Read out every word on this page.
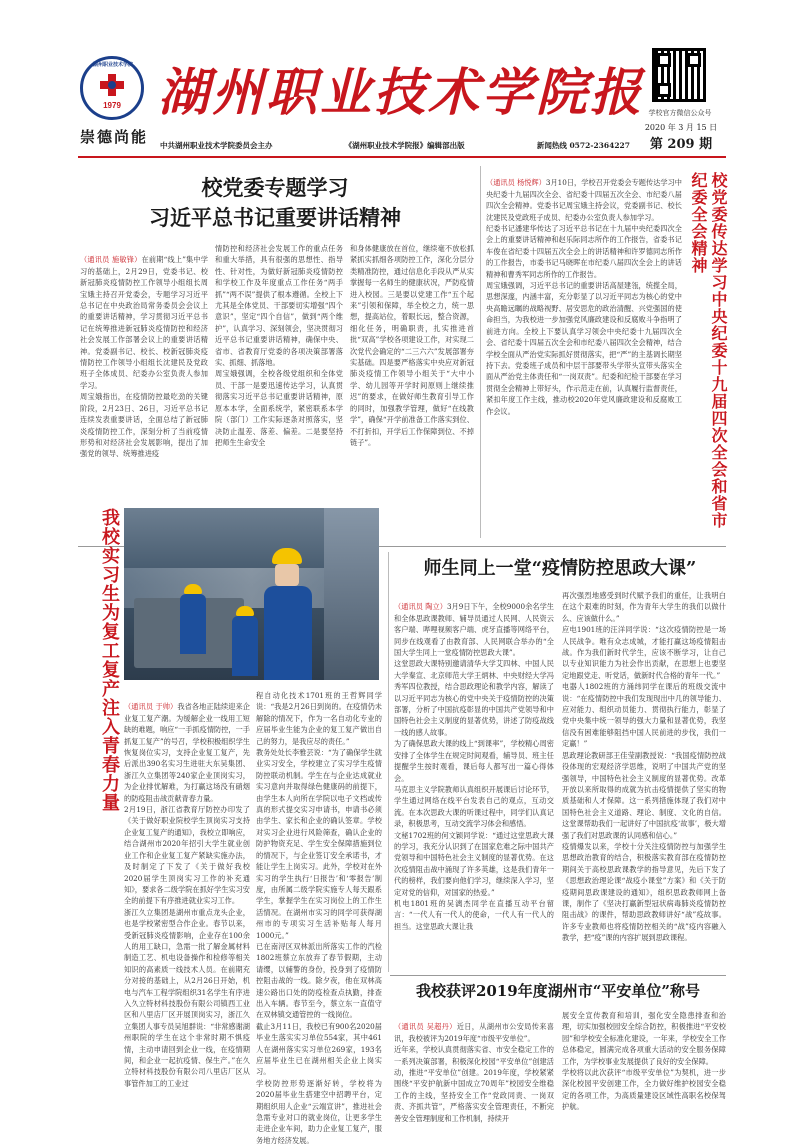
湖州职业技术学院
1979
崇德尚能
湖州职业技术学院报 学校官方微信公众号
2020 年 3 月 15 日
第 209 期
中共湖州职业技术学院委员会主办	《湖州职业技术学院报》编辑部出版	新闻热线 0572-2364227
校党委专题学习
习近平总书记重要讲话精神

（通讯员 施敏锋）在前期“线上”集中学习的基础上，2月29日，党委书记、校新冠肺炎疫情防控工作领导小组组长周宝娥主持召开党委会，专题学习习近平总书记在中央政治局常务委员会会议上的重要讲话精神，学习贯彻习近平总书记在统筹推进新冠肺炎疫情防控和经济社会发展工作部署会议上的重要讲话精神。党委副书记、校长、校新冠肺炎疫情防控工作领导小组组长沈建民及党政班子全体成员、纪委办公室负责人参加学习。
周宝娥指出，在疫情防控最吃劲的关键阶段，2月23日、26日，习近平总书记连续发表重要讲话，全面总结了新冠肺炎疫情防控工作，深刻分析了当前疫情形势和对经济社会发展影响，提出了加强党的领导、统筹推进疫

情防控和经济社会发展工作的重点任务和重大举措，具有很强的思想性、指导性、针对性，为做好新冠肺炎疫情防控和学校工作及年度重点工作任务“两手抓”“两不误”提供了根本遵循。全校上下尤其是全体党员、干部要切实增强“四个意识”，坚定“四个自信”，做到“两个维护”，认真学习、深刻领会，坚决贯彻习近平总书记重要讲话精神，确保中央、省市、省教育厅党委的各项决策部署落实、抓细、抓落地。
周宝娥强调，全校各级党组织和全体党员、干部一是要迅速传达学习，认真贯彻落实习近平总书记重要讲话精神，原原本本学，全面系统学，紧密联系本学院（部门）工作实际逐条对照落实，坚决防止温差、落差、偏差。二是要坚持把师生生命安全
和身体健康放在首位，继续毫不放松抓紧抓实抓细各项防控工作，深化分层分类精准防控，通过信息化手段从严从实掌握每一名师生的健康状况，严防疫情进入校园。三是要以党建工作“五个起来”引领和保障，举全校之力，统一思想，提高站位，着眼长远，整合资源，细化任务，明确职责，扎实推进首批“双高”学校各项建设工作，对实现二次党代会确定的“二三六六”发展部署夯实基础。四是要严格落实中央应对新冠肺炎疫情工作领导小组关于“大中小学、幼儿园等开学时间原则上继续推迟”的要求，在做好师生教育引导工作的同时，加强教学管理，做好“在线教学”，确保“开学前准备工作落实到位、不打折扣，开学后工作保障到位、不掉链子”。

（通讯员 杨悦辉）3月10日，学校召开党委会专题传达学习中央纪委十九届四次全会、省纪委十四届五次全会、市纪委八届四次全会精神。党委书记周宝娥主持会议，党委副书记、校长沈建民及党政班子成员、纪委办公室负责人参加学习。
纪委书记潘建华传达了习近平总书记在十九届中央纪委四次全会上的重要讲话精神和赵乐际同志所作的工作报告，省委书记车俊在省纪委十四届五次全会上的讲话精神和许罗德同志所作的工作报告，市委书记马晓晖在市纪委八届四次全会上的讲话精神和曹秀军同志所作的工作报告。
周宝娥强调，习近平总书记的重要讲话高屋建瓴，统揽全局，思想深邃，内涵丰富，充分彰显了以习近平同志为核心的党中央高瞻远瞩的战略视野、居安思危的政治清醒、兴党强国的使命担当，为我校进一步加强党风廉政建设和反腐败斗争指明了前进方向。全校上下要认真学习领会中央纪委十九届四次全会、省纪委十四届五次全会和市纪委八届四次全会精神，结合学校全面从严治党实际抓好贯彻落实，把“严”的主基调长期坚持下去。党委班子成员和中层干部要带头学带头宣带头落实全面从严治党主体责任和“一岗双责”。纪委和纪检干部要在学习贯彻全会精神上带好头，作示范走在前，认真履行监督责任，紧扣年度工作主线，推动校2020年党风廉政建设和反腐败工作会议。	校党委传达学习中央纪委十九届四次全会和省市纪委全会精神
我校实习生为复工复产注入青春力量 （通讯员 于帅）我省各地正陆续迎来企业复工复产潮。为缓解企业一线用工短缺的难题，响应“一手抓疫情防控，一手抓复工复产”的号召，学校积极组织学生恢复岗位实习，支持企业复工复产，先后派出390名实习生进驻大东吴集团、浙江久立集团等240家企业顶岗实习，为企业排忧解难，为打赢这场没有硝烟的防疫阻击战贡献青春力量。
2月19日，浙江省教育厅防控办印发了《关于做好职业院校学生顶岗实习支持企业复工复产的通知》，我校立即响应，结合湖州市2020年招引大学生就业创业工作和企业复工复产紧缺实施办法，及时制定了下发了《关于做好我校2020届学生顶岗实习工作的补充通知》，要求各二级学院在抓好学生实习安全的前提下有序推进就业实习工作。
浙江久立集团是湖州市重点龙头企业，也是学校紧密型合作企业。春节以来，受新冠肺炎疫情影响，企业存在100余人的用工缺口，急需一批了解金属材料制造工艺、机电设备操作和检修等相关知识的高素质一线技术人员。在前期充分对接的基础上，从2月26日开始，机电与汽车工程学院组织31名学生有序进入久立特材科技股份有限公司镇西工业区和八里店厂区开展顶岗实习，浙江久立集团人事专员吴旭群说：“非常感谢湖州职院的学生在这个非常时期不惧疫情，主动申请回到企业一线，在疫情期间，和企业一起抗疫情、保生产。”在久立特材科技股份有限公司八里店厂区从事管件加工的工业过

程自动化技术1701班的王哲辉同学说：“我是2月26日到岗的。在疫情仍未解除的情况下，作为一名自动化专业的应届毕业生能为企业的复工复产做出自己的努力，是我应尽的责任。”
教务处处长李雅芸说：“为了确保学生就业实习安全，学校建立了实习学生疫情防控联动机制。学生在与企业达成就业实习意向并取得绿色健康码的前提下，由学生本人向所在学院以电子文档或传真的形式提交实习申请书，申请书必须由学生、家长和企业的确认签章。学校对实习企业进行风险筛查，确认企业的防护物资充足、学生安全保障措施到位的情况下，与企业签订安全承诺书，才能让学生上岗实习。此外，学校对在外实习的学生执行‘日报告’和‘零报告’制度，由所属二级学院实施专人每天跟系学生，掌握学生在实习岗位上的工作生活情况。在湖州市实习的同学可获得湖州市的专项实习生活补贴每人每月1000元。”
已在南浔区双林派出所落实工作的汽检1802班蔡立东放弃了春节假期，主动请缨，以辅警的身份，投身到了疫情防控阻击战的一线。除夕夜，他在双林高速公路出口处的防疫检查点执勤，排查出入车辆。春节至今，蔡立东一直值守在双林镇交通管控的一线岗位。
截止3月11日，我校已有900名2020届毕业生落实实习单位554家，其中461人在湖州落实实习单位269家，193名应届毕业生已在湖州相关企业上岗实习。
学校防控形势逐渐好转，学校将为2020届毕业生搭建空中招聘平台，定期组织用人企业“云端宣讲”，推进社会急需专业对口的就业岗位，让更多学生走进企业车间，助力企业复工复产，服务地方经济发展。
师生同上一堂“疫情防控思政大课”

（通讯员 陶立）3月9日下午，全校9000余名学生和全体思政课教师、辅导员通过人民网、人民资云客户端、哔哩视频客户端、虎牙直播等网络平台，同步在线观看了由教育部、人民网联合举办的“全国大学生同上一堂疫情防控思政大课”。
这堂思政大课特别邀请清华大学艾四林、中国人民大学秦宣、北京师范大学王炳林、中央财经大学冯秀军四位教授，结合思政理论和教学内容，解读了以习近平同志为核心的党中央关于疫情防控的决策部署，分析了中国抗疫彰显的中国共产党领导和中国特色社会主义制度的显著优势，讲述了防疫战线一线的感人故事。
为了确保思政大课的线上“到课率”，学校精心周密安排了全体学生在规定时间观看，辅导员、班主任提醒学生按时观看，课后每人都写出一篇心得体会。
马克思主义学院教师认真组织开展课后讨论环节，学生通过网络在线平台发表自己的观点，互动交流。在本次思政大课的听课过程中，同学们认真记录，积极思考，互动交流学习体会和感悟。
文秘1702班的何文颖同学说：“通过这堂思政大课的学习，我充分认识到了在国家危难之际中国共产党领导和中国特色社会主义制度的显著优势。在这次疫情阻击战中涌现了许多英雄，这是我们青年一代的榜样，我们要向他们学习，继续深入学习，坚定对党的信仰，对国家的热爱。”
机电1801班的吴漓杰同学在直播互动平台留言：“一代人有一代人的使命，一代人有一代人的担当。这堂思政大课让我

再次强烈地感受到时代赋予我们的重任，让我明白在这个艰难的时刻，作为青年大学生的我们以做什么、应该做什么。”
应电1901班的汪洋同学说：“这次疫情防控是一场人民战争。唯有众志成城，才能打赢这场疫情阻击战。作为我们新时代学生，应该不断学习，让自己以专业知识能力为社会作出贡献，在思想上也要坚定地跟党走、听党话，做新时代合格的青年一代。”
电器人1802班的方涌纬同学在课后的班级交流中说：“在疫情防控中我们发现现出中几的领导能力、应对能力、组织动员能力、贯彻执行能力，彰显了党中央集中统一领导的强大力量和显著优势，我坚信没有困难能够阻挡中国人民前进的步伐，我们一定赢！”
思政理论教研部王佳莹副教授说：“我国疫情防控战役体现的宏观经济学思维，说明了中国共产党的坚强领导，中国特色社会主义制度的显著优势。改革开放以来所取得的成就为抗击疫情提供了坚实的物质基础和人才保障。这一系列措施体现了我们对中国特色社会主义道路、理论、制度、文化的自信。这堂课帮助我们一起讲好了中国抗疫‘故事’，极大增强了我们对思政课的认同感和信心。”
疫情爆发以来，学校十分关注疫情防控与加强学生思想政治教育的结合，积极落实教育部在疫情防控期间关于高校思政课教学的指导意见，先后下发了《思想政治理论课“战疫小课堂”方案》和《关于防疫期间思政课建设的通知》，组织思政教师网上备课，制作了《坚决打赢新型冠状病毒肺炎疫情防控阻击战》的课件，帮助思政教师讲好“战”疫故事。许多专业教师也将疫情防控相关的“战”疫内容融入教学，把“疫”课的内容扩展到思政课程。
我校获评2019年度湖州市“平安单位”称号

（通讯员 吴超丹）近日，从湖州市公安局传来喜讯，我校被评为2019年度“市级平安单位”。
近年来，学校认真贯彻落实省、市安全稳定工作的一系列决策部署，积极深化校园“平安单位”创建活动，推进“平安单位”创建。2019年度，学校紧紧围绕“平安护航新中国成立70周年”校园安全维稳工作的主线，坚持安全工作“党政同责、一岗双责、齐抓共管”，严格落实安全管理责任，不断完善安全管理制度和工作机制，持续开

展安全宣传教育和培训，强化安全隐患排查和治理，切实加强校园安全综合防控，积极推进“平安校园”和学校安全标准化建设，一年来，学校安全工作总体稳定，圆满完成各项重大活动的安全服务保障工作，为学校事业发展提供了良好的安全保障。
学校将以此次获评“市级平安单位”为契机，进一步深化校园平安创建工作，全力做好维护校园安全稳定的各项工作，为高质量建设区域性高职名校保驾护航。
